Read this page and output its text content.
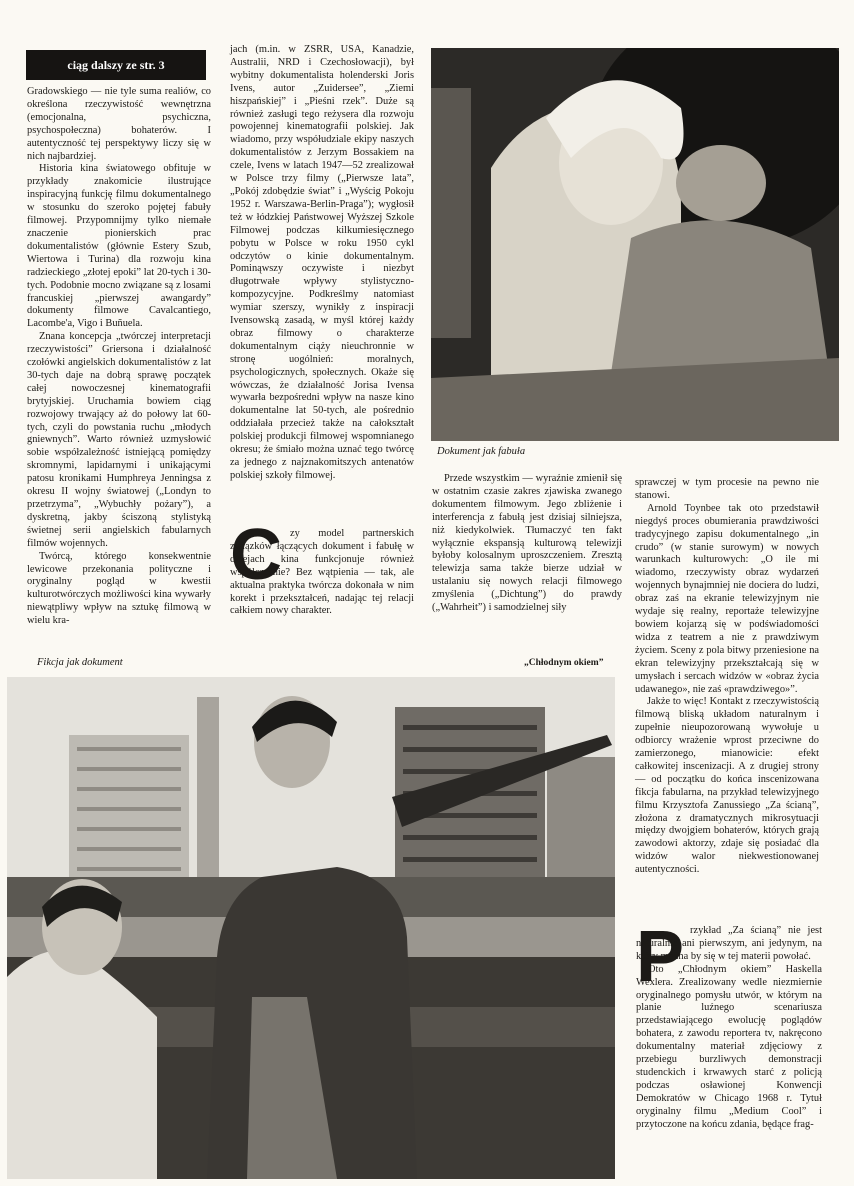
ciąg dalszy ze str. 3

Gradowskiego — nie tyle suma realiów, co określona rzeczywistość wewnętrzna (emocjonalna, psychiczna, psychospołeczna) bohaterów. I autentyczność tej perspektywy liczy się w nich najbardziej.

Historia kina światowego obfituje w przykłady znakomicie ilustrujące inspiracyjną funkcję filmu dokumentalnego w stosunku do szeroko pojętej fabuły filmowej. Przypomnijmy tylko niemałe znaczenie pionierskich prac dokumentalistów (głównie Estery Szub, Wiertowa i Turina) dla rozwoju kina radzieckiego „złotej epoki” lat 20-tych i 30-tych. Podobnie mocno związane są z losami francuskiej „pierwszej awangardy” dokumenty filmowe Cavalcantiego, Lacombe'a, Vigo i Buñuela.

Znana koncepcja „twórczej interpretacji rzeczywistości” Griersona i działalność czołówki angielskich dokumentalistów z lat 30-tych daje na dobrą sprawę początek całej nowoczesnej kinematografii brytyjskiej. Uruchamia bowiem ciąg rozwojowy trwający aż do połowy lat 60-tych, czyli do powstania ruchu „młodych gniewnych”. Warto również uzmysłowić sobie współzależność istniejącą pomiędzy skromnymi, lapidarnymi i unikającymi patosu kronikami Humphreya Jenningsa z okresu II wojny światowej („Londyn to przetrzyma”, „Wybuchły pożary”), a dyskretną, jakby ściszoną stylistyką świetnej serii angielskich fabularnych filmów wojennych.

Twórcą, którego konsekwentnie lewicowe przekonania polityczne i oryginalny pogląd w kwestii kulturotwórczych możliwości kina wywarły niewątpliwy wpływ na sztukę filmową w wielu kra-

jach (m.in. w ZSRR, USA, Kanadzie, Australii, NRD i Czechosłowacji), był wybitny dokumentalista holenderski Joris Ivens, autor „Zuidersee”, „Ziemi hiszpańskiej” i „Pieśni rzek”. Duże są również zasługi tego reżysera dla rozwoju powojennej kinematografii polskiej. Jak wiadomo, przy współudziale ekipy naszych dokumentalistów z Jerzym Bossakiem na czele, Ivens w latach 1947—52 zrealizował w Polsce trzy filmy („Pierwsze lata”, „Pokój zdobędzie świat” i „Wyścig Pokoju 1952 r. Warszawa-Berlin-Praga”); wygłosił też w łódzkiej Państwowej Wyższej Szkole Filmowej podczas kilkumiesięcznego pobytu w Polsce w roku 1950 cykl odczytów o kinie dokumentalnym. Pominąwszy oczywiste i niezbyt długotrwałe wpływy stylistyczno-kompozycyjne. Podkreślmy natomiast wymiar szerszy, wynikły z inspiracji Ivensowską zasadą, w myśl której każdy obraz filmowy o charakterze dokumentalnym ciąży nieuchronnie w stronę uogólnień: moralnych, psychologicznych, społecznych. Okaże się wówczas, że działalność Jorisa Ivensa wywarła bezpośredni wpływ na nasze kino dokumentalne lat 50-tych, ale pośrednio oddziałała przecież także na całokształt polskiej produkcji filmowej wspomnianego okresu; że śmiało można uznać tego twórcę za jednego z najznakomitszych antenatów polskiej szkoły filmowej.

C zy model partnerskich związków łączących dokument i fabułę w dziejach kina funkcjonuje również współcześnie? Bez wątpienia — tak, ale aktualna praktyka twórcza dokonała w nim korekt i przekształceń, nadając tej relacji całkiem nowy charakter.

Dokument jak fabuła

Przede wszystkim — wyraźnie zmienił się w ostatnim czasie zakres zjawiska zwanego dokumentem filmowym. Jego zbliżenie i interferencja z fabułą jest dzisiaj silniejsza, niż kiedykolwiek. Tłumaczyć ten fakt wyłącznie ekspansją kulturową telewizji byłoby kolosalnym uproszczeniem. Zresztą telewizja sama także bierze udział w ustalaniu się nowych relacji filmowego zmyślenia („Dichtung”) do prawdy („Wahrheit”) i samodzielnej siły

sprawczej w tym procesie na pewno nie stanowi.

Arnold Toynbee tak oto przedstawił niegdyś proces obumierania prawdziwości tradycyjnego zapisu dokumentalnego „in crudo” (w stanie surowym) w nowych warunkach kulturowych: „O ile mi wiadomo, rzeczywisty obraz wydarzeń wojennych bynajmniej nie dociera do ludzi, obraz zaś na ekranie telewizyjnym nie wydaje się realny, reportaże telewizyjne bowiem kojarzą się w podświadomości widza z teatrem a nie z prawdziwym życiem. Sceny z pola bitwy przeniesione na ekran telewizyjny przekształcają się w umysłach i sercach widzów w «obraz życia udawanego», nie zaś «prawdziwego»”.

Jakże to więc! Kontakt z rzeczywistością filmową bliską układom naturalnym i zupełnie nieupozorowaną wywołuje u odbiorcy wrażenie wprost przeciwne do zamierzonego, mianowicie: efekt całkowitej inscenizacji. A z drugiej strony — od początku do końca inscenizowana fikcja fabularna, na przykład telewizyjnego filmu Krzysztofa Zanussiego „Za ścianą”, złożona z dramatycznych mikrosytuacji między dwojgiem bohaterów, których grają zawodowi aktorzy, zdaje się posiadać dla widzów walor niekwestionowanej autentyczności.

Fikcja jak dokument	„Chłodnym okiem”
P rzykład „Za ścianą” nie jest naturalnie ani pierwszym, ani jedynym, na który można by się w tej materii powołać.

Oto „Chłodnym okiem” Haskella Wexlera. Zrealizowany wedle niezmiernie oryginalnego pomysłu utwór, w którym na planie luźnego scenariusza przedstawiającego ewolucję poglądów bohatera, z zawodu reportera tv, nakręcono dokumentalny materiał zdjęciowy z przebiegu burzliwych demonstracji studenckich i krwawych starć z policją podczas osławionej Konwencji Demokratów w Chicago 1968 r. Tytuł oryginalny filmu „Medium Cool” i przytoczone na końcu zdania, będące frag-
